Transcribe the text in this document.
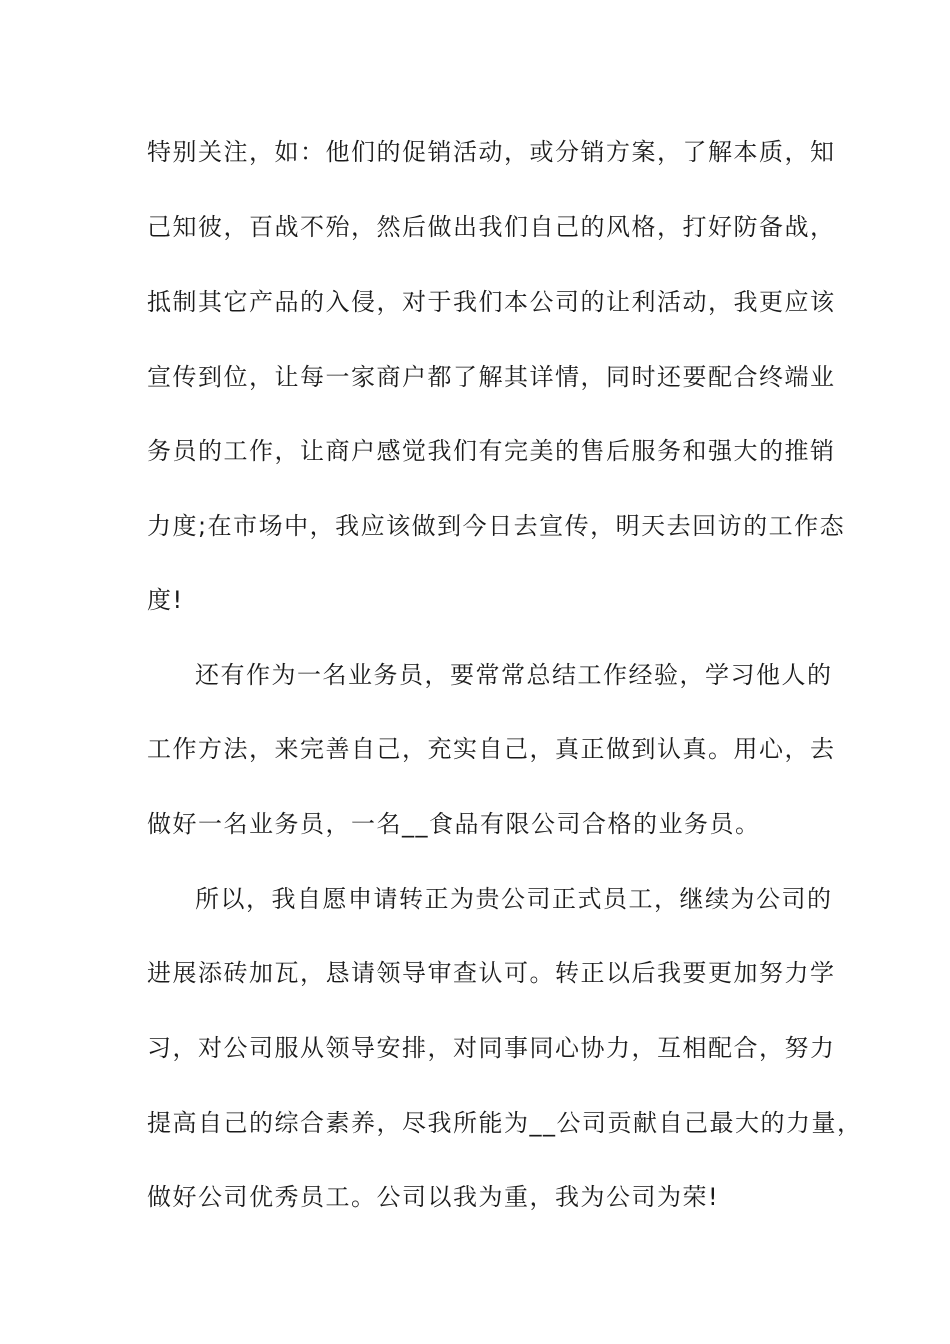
特别关注，如：他们的促销活动，或分销方案，了解本质，知
己知彼，百战不殆，然后做出我们自己的风格，打好防备战，
抵制其它产品的入侵，对于我们本公司的让利活动，我更应该
宣传到位，让每一家商户都了解其详情，同时还要配合终端业
务员的工作，让商户感觉我们有完美的售后服务和强大的推销
力度;在市场中，我应该做到今日去宣传，明天去回访的工作态
度!
还有作为一名业务员，要常常总结工作经验，学习他人的
工作方法，来完善自己，充实自己，真正做到认真。用心，去
做好一名业务员，一名__食品有限公司合格的业务员。
所以，我自愿申请转正为贵公司正式员工，继续为公司的
进展添砖加瓦，恳请领导审查认可。转正以后我要更加努力学
习，对公司服从领导安排，对同事同心协力，互相配合，努力
提高自己的综合素养，尽我所能为__公司贡献自己最大的力量，
做好公司优秀员工。公司以我为重，我为公司为荣!
